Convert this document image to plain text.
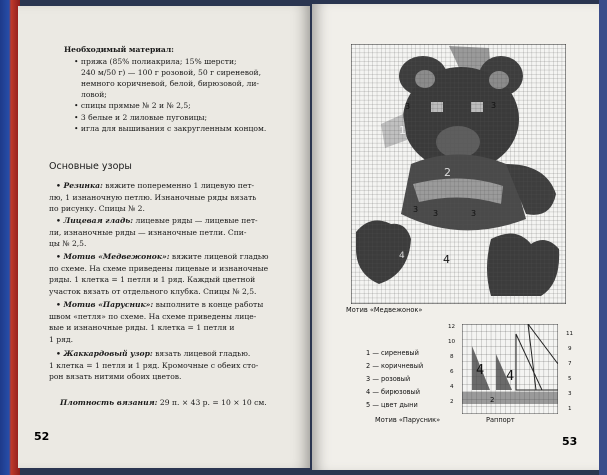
Необходимый материал:
• пряжа (85% полиакрила; 15% шерсти;
240 м/50 г) — 100 г розовой, 50 г сиреневой,
немного коричневой, белой, бирюзовой, ли-
ловой;
• спицы прямые № 2 и № 2,5;
• 3 белые и 2 лиловые пуговицы;
• игла для вышивания с закругленным концом.
Основные узоры
• Резинка: вяжите попеременно 1 лицевую пет-
лю, 1 изнаночную петлю. Изнаночные ряды вязать
по рисунку. Спицы № 2.
• Лицевая гладь: лицевые ряды — лицевые пет-
ли, изнаночные ряды — изнаночные петли. Спи-
цы № 2,5.
• Мотив «Медвежонок»: вяжите лицевой гладью
по схеме. На схеме приведены лицевые и изнаночные
ряды. 1 клетка = 1 петля и 1 ряд. Каждый цветной
участок вязать от отдельного клубка. Спицы № 2,5.
• Мотив «Парусник»: выполните в конце работы
швом «петля» по схеме. На схеме приведены лице-
вые и изнаночные ряды. 1 клетка = 1 петля и
1 ряд.
• Жаккардовый узор: вязать лицевой гладью.
1 клетка = 1 петля и 1 ряд. Кромочные с обеих сто-
рон вязать нитями обоих цветов.
Плотность вязания: 29 п. × 43 р. = 10 × 10 см.
52
1
2
3	3
3 3	3
4
4
Мотив «Медвежонок»
1 — сиреневый
2 — коричневый
3 — розовый
4 — бирюзовый
5 — цвет дыни
Мотив «Парусник»
4 4
2
12
10
8
6
4
2
11
9
7
5
3
1
Раппорт
53
